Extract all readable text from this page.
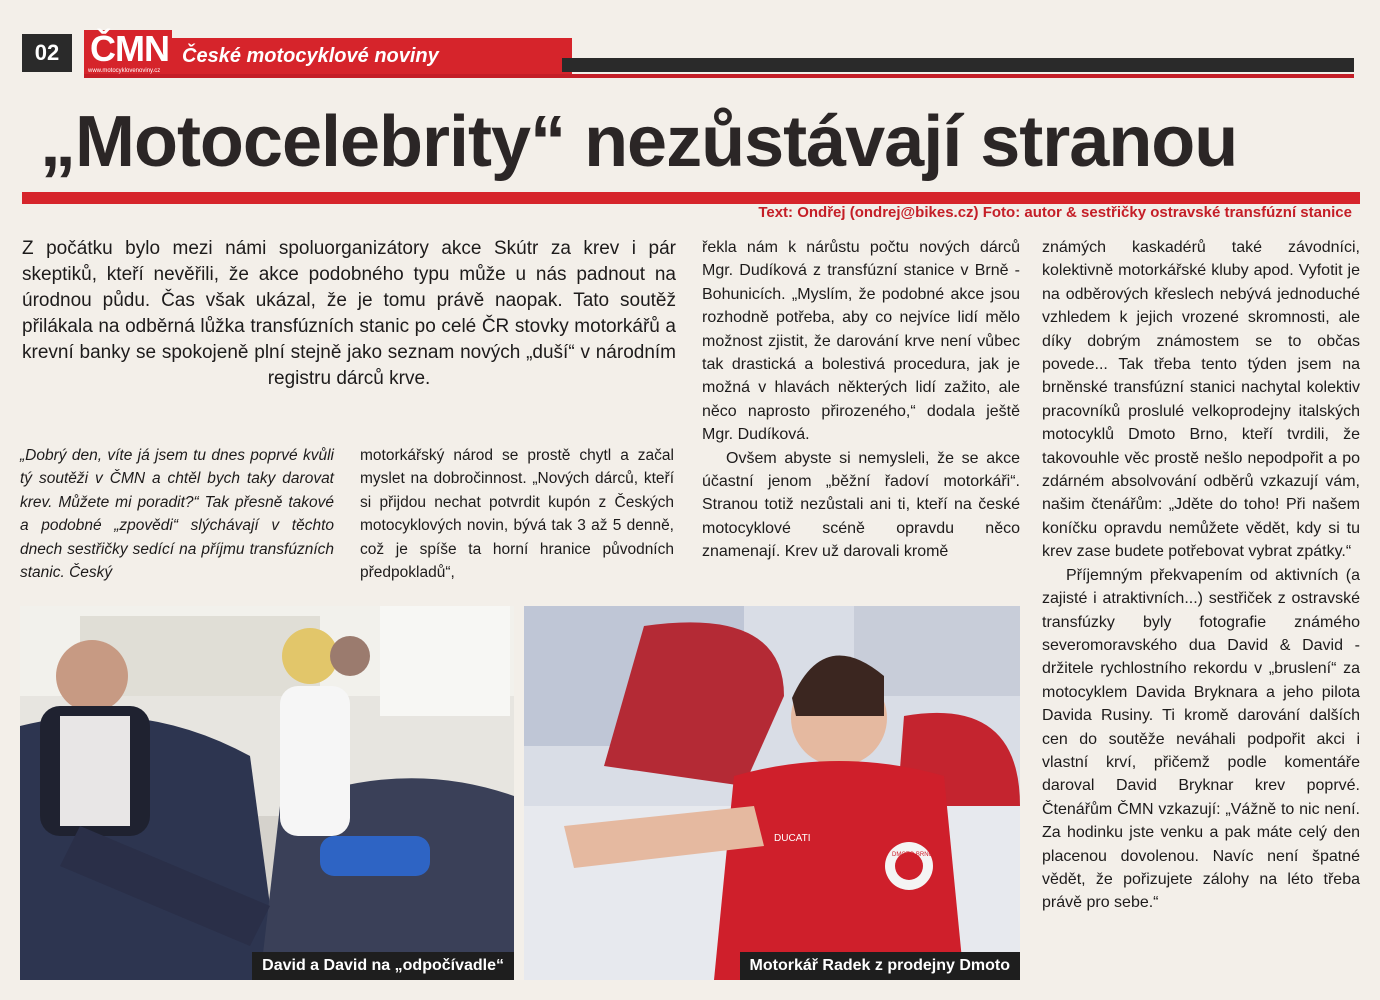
02 ČMN
www.motocyklovenoviny.cz
České motocyklové noviny
„Motocelebrity“ nezůstávají stranou
Text: Ondřej (ondrej@bikes.cz) Foto: autor & sestřičky ostravské transfúzní stanice
Z počátku bylo mezi námi spoluorganizátory akce Skútr za krev i pár skeptiků, kteří nevěřili, že akce podobného typu může u nás padnout na úrodnou půdu. Čas však ukázal, že je tomu právě naopak. Tato soutěž přilákala na odběrná lůžka transfúzních stanic po celé ČR stovky motorkářů a krevní banky se spokojeně plní stejně jako seznam nových „duší“ v národním registru dárců krve.

„Dobrý den, víte já jsem tu dnes poprvé kvůli tý soutěži v ČMN a chtěl bych taky darovat krev. Můžete mi poradit?“ Tak přesně takové a podobné „zpovědi“ slýchávají v těchto dnech sestřičky sedící na příjmu transfúzních stanic. Český

motorkářský národ se prostě chytl a začal myslet na dobročinnost. „Nových dárců, kteří si přijdou nechat potvrdit kupón z Českých motocyklových novin, bývá tak 3 až 5 denně, což je spíše ta horní hranice původních předpokladů“,

řekla nám k nárůstu počtu nových dárců Mgr. Dudíková z transfúzní stanice v Brně - Bohunicích. „Myslím, že podobné akce jsou rozhodně potřeba, aby co nejvíce lidí mělo možnost zjistit, že darování krve není vůbec tak drastická a bolestivá procedura, jak je možná v hlavách některých lidí zažito, ale něco naprosto přirozeného,“ dodala ještě Mgr. Dudíková.

Ovšem abyste si nemysleli, že se akce účastní jenom „běžní řadoví motorkáři“. Stranou totiž nezůstali ani ti, kteří na české motocyklové scéně opravdu něco znamenají. Krev už darovali kromě

známých kaskadérů také závodníci, kolektivně motorkářské kluby apod. Vyfotit je na odběrových křeslech nebývá jednoduché vzhledem k jejich vrozené skromnosti, ale díky dobrým známostem se to občas povede... Tak třeba tento týden jsem na brněnské transfúzní stanici nachytal kolektiv pracovníků proslulé velkoprodejny italských motocyklů Dmoto Brno, kteří tvrdili, že takovouhle věc prostě nešlo nepodpořit a po zdárném absolvování odběrů vzkazují vám, našim čtenářům: „Jděte do toho! Při našem koníčku opravdu nemůžete vědět, kdy si tu krev zase budete potřebovat vybrat zpátky.“

Příjemným překvapením od aktivních (a zajisté i atraktivních...) sestřiček z ostravské transfúzky byly fotografie známého severomoravského dua David & David - držitele rychlostního rekordu v „bruslení“ za motocyklem Davida Bryknara a jeho pilota Davida Rusiny. Ti kromě darování dalších cen do soutěže neváhali podpořit akci i vlastní krví, přičemž podle komentáře daroval David Bryknar krev poprvé. Čtenářům ČMN vzkazují: „Vážně to nic není. Za hodinku jste venku a pak máte celý den placenou dovolenou. Navíc není špatné vědět, že pořizujete zálohy na léto třeba právě pro sebe.“

David a David na „odpočívadle“
DUCATI
DMOTO BRNO
Motorkář Radek z prodejny Dmoto
